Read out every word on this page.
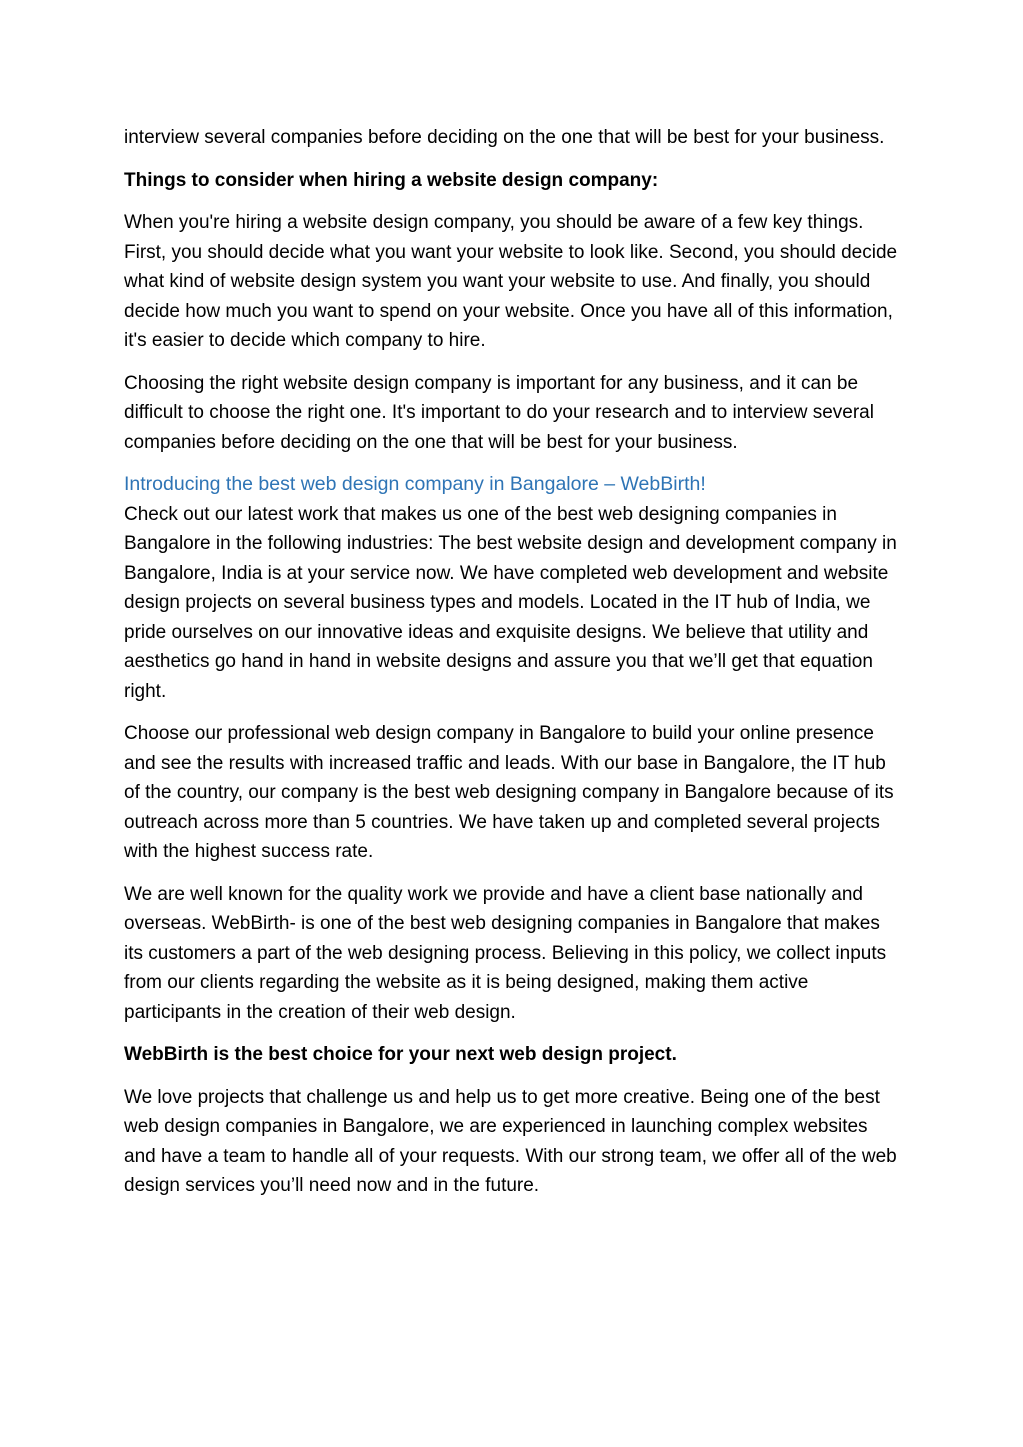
interview several companies before deciding on the one that will be best for your business.

Things to consider when hiring a website design company:

When you're hiring a website design company, you should be aware of a few key things. First, you should decide what you want your website to look like. Second, you should decide what kind of website design system you want your website to use. And finally, you should decide how much you want to spend on your website. Once you have all of this information, it's easier to decide which company to hire.

Choosing the right website design company is important for any business, and it can be difficult to choose the right one. It's important to do your research and to interview several companies before deciding on the one that will be best for your business.

Introducing the best web design company in Bangalore – WebBirth!

Check out our latest work that makes us one of the best web designing companies in Bangalore in the following industries: The best website design and development company in Bangalore, India is at your service now. We have completed web development and website design projects on several business types and models. Located in the IT hub of India, we pride ourselves on our innovative ideas and exquisite designs. We believe that utility and aesthetics go hand in hand in website designs and assure you that we’ll get that equation right.

Choose our professional web design company in Bangalore to build your online presence and see the results with increased traffic and leads. With our base in Bangalore, the IT hub of the country, our company is the best web designing company in Bangalore because of its outreach across more than 5 countries. We have taken up and completed several projects with the highest success rate.

We are well known for the quality work we provide and have a client base nationally and overseas. WebBirth- is one of the best web designing companies in Bangalore that makes its customers a part of the web designing process. Believing in this policy, we collect inputs from our clients regarding the website as it is being designed, making them active participants in the creation of their web design.

WebBirth is the best choice for your next web design project.

We love projects that challenge us and help us to get more creative. Being one of the best web design companies in Bangalore, we are experienced in launching complex websites and have a team to handle all of your requests. With our strong team, we offer all of the web design services you’ll need now and in the future.
